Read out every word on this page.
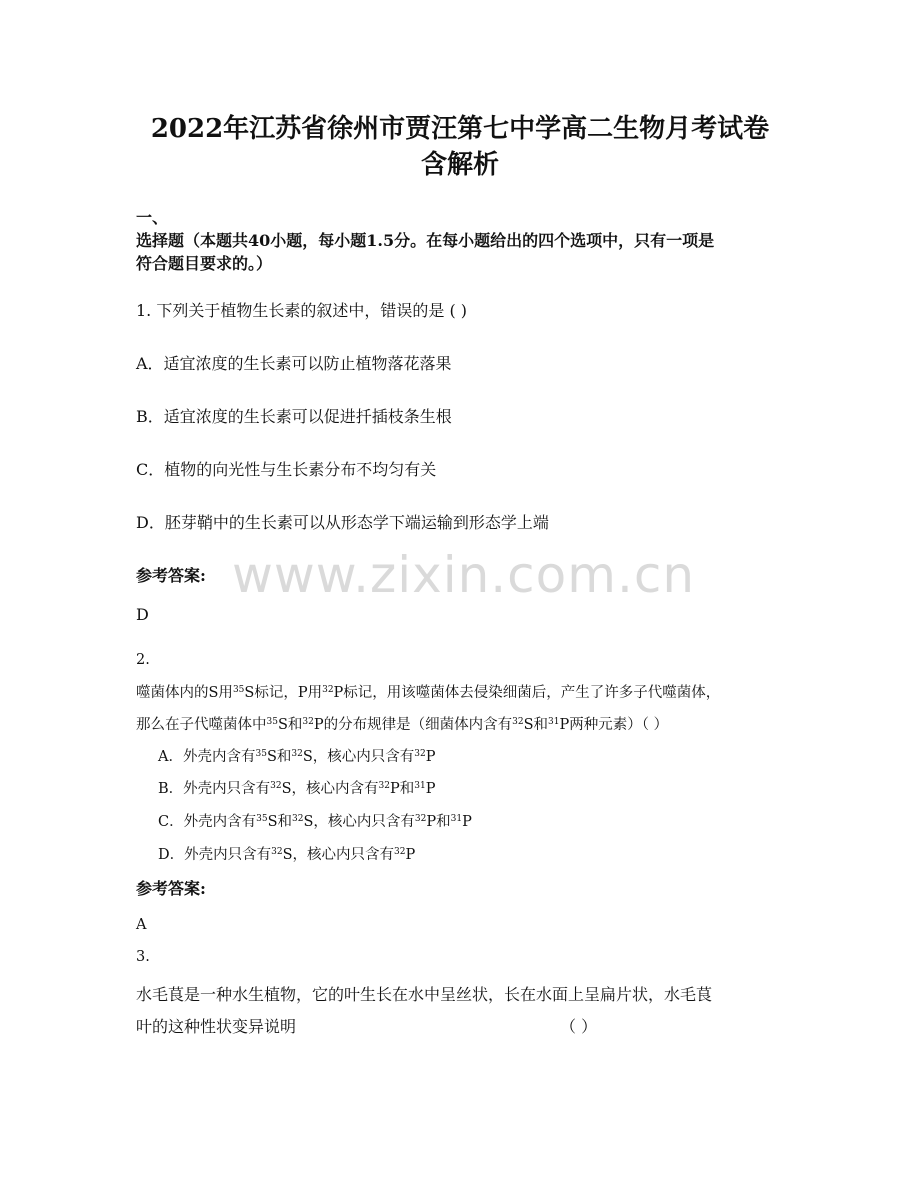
2022年江苏省徐州市贾汪第七中学高二生物月考试卷
含解析
一、
选择题（本题共40小题，每小题1.5分。在每小题给出的四个选项中，只有一项是
符合题目要求的。）
1. 下列关于植物生长素的叙述中，错误的是 ( )
A．适宜浓度的生长素可以防止植物落花落果
B．适宜浓度的生长素可以促进扦插枝条生根
C．植物的向光性与生长素分布不均匀有关
D．胚芽鞘中的生长素可以从形态学下端运输到形态学上端
www.zixin.com.cn
参考答案:
D
2.
噬菌体内的S用$^{35}$S标记，P用$^{32}$P标记，用该噬菌体去侵染细菌后，产生了许多子代噬菌体，
那么在子代噬菌体中$^{35}$S和$^{32}$P的分布规律是（细菌体内含有$^{32}$S和$^{31}$P两种元素）（ ）
A．外壳内含有$^{35}$S和$^{32}$S，核心内只含有$^{32}$P
B．外壳内只含有$^{32}$S，核心内含有$^{32}$P和$^{31}$P
C．外壳内含有$^{35}$S和$^{32}$S，核心内只含有$^{32}$P和$^{31}$P
D．外壳内只含有$^{32}$S，核心内只含有$^{32}$P
参考答案:
A
3.
水毛茛是一种水生植物，它的叶生长在水中呈丝状，长在水面上呈扁片状，水毛茛
叶的这种性状变异说明	（ ）
